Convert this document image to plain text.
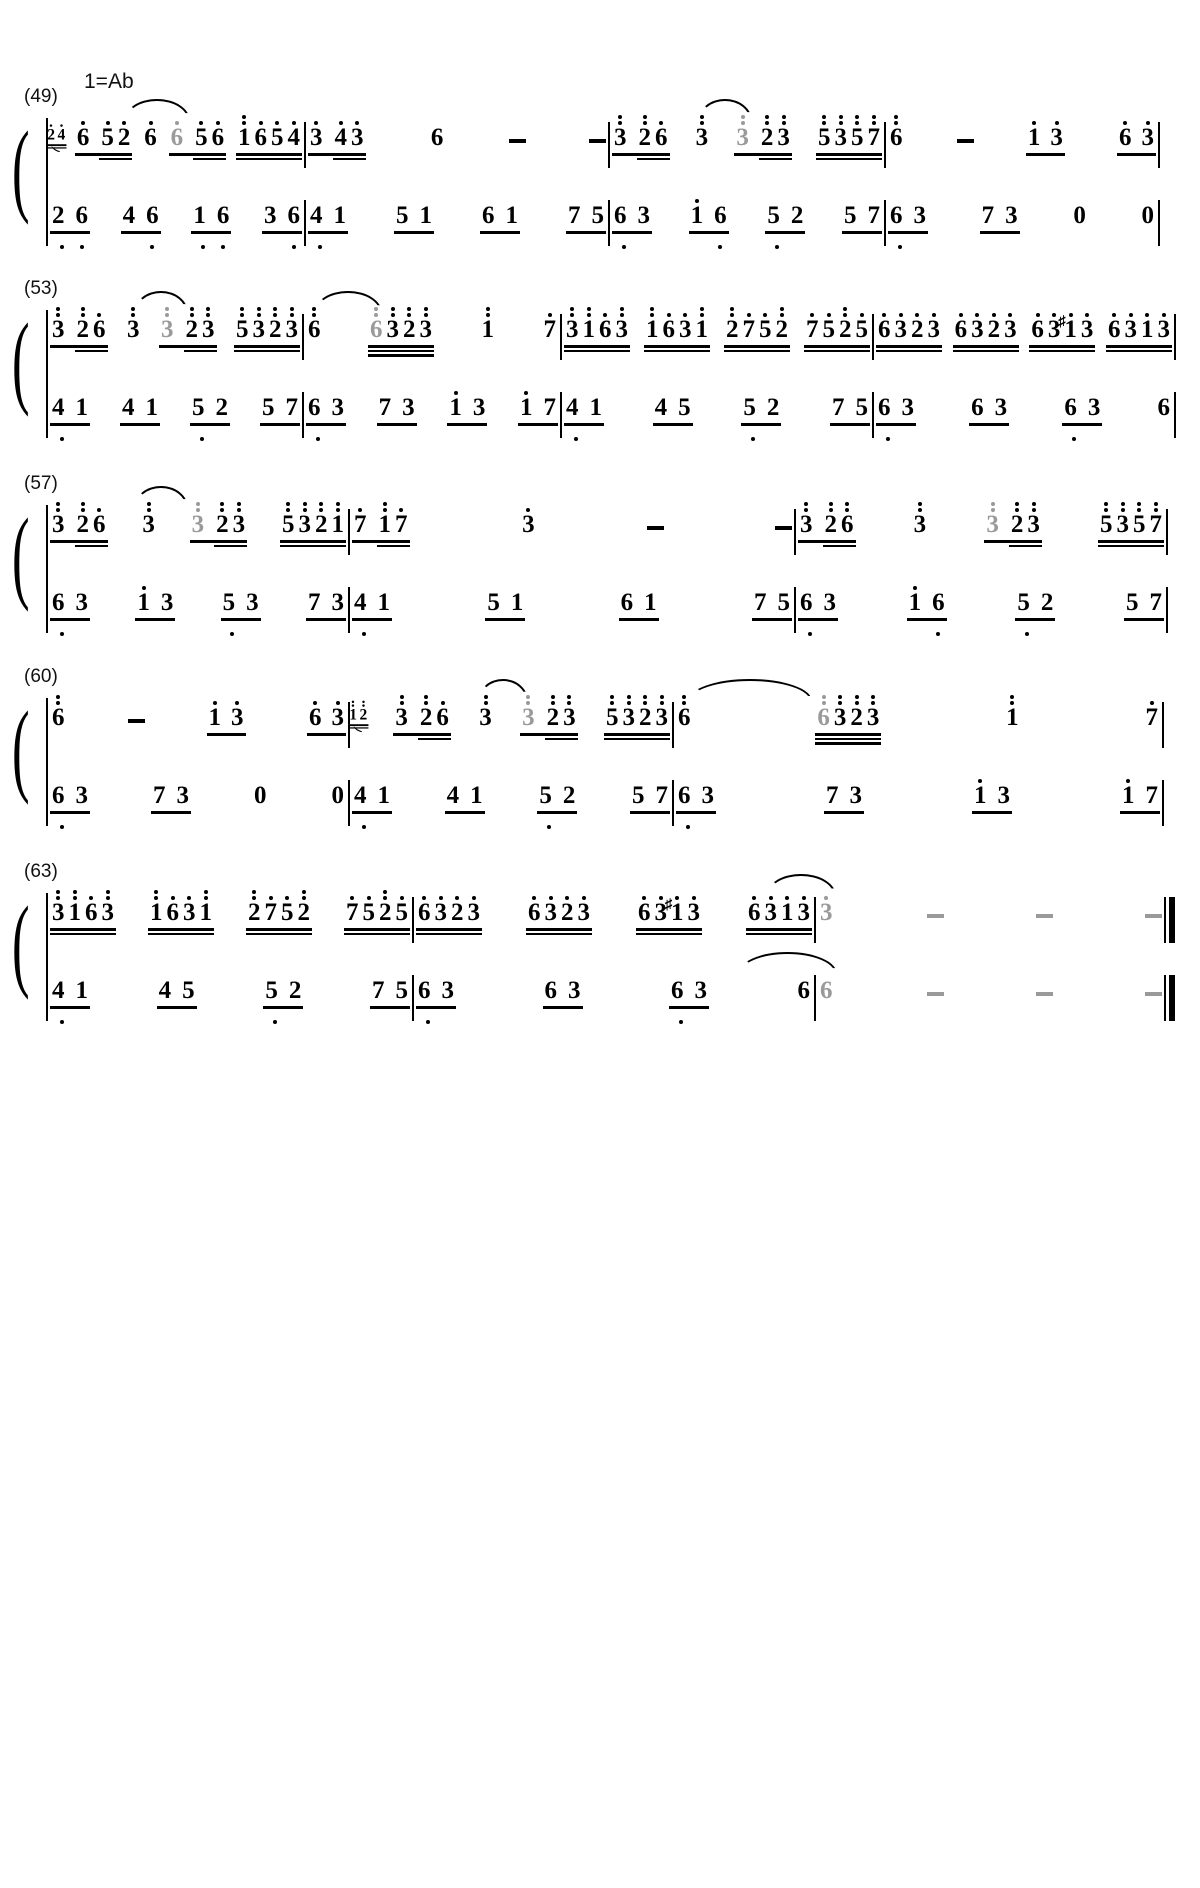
1=Ab
(49)
( 2 4 6 5 2 6 6 5 6 1 6 5 4 3 4 3	6	3 2 6 3 3 2 3 5 3 5 7 6	1 3 6 3
2 6 4 6 1 6 3 6 4 1 5 1 6 1 7 5 6 3 1 6 5 2 5 7 6 3 7 3 0 0
(53)
( 3 2 6 3 3 2 3 5 3 2 3 6 6 3 2 3 1 7 3 1 6 3 1 6 3 1 2 7 5 2 7 5 2 5 6 3 2 3 6 3 2 3 6 3 1
♯ 3 6 3 1 3
4 1 4 1 5 2 5 7 6 3 7 3 1 3 1 7 4 1 4 5 5 2 7 5 6 3 6 3 6 3 6
(57)
( 3 2 6 3 3 2 3 5 3 2 1 7 1 7	3	3 2 6 3 3 2 3 5 3 5 7
6 3 1 3 5 3 7 3 4 1	5 1	6 1	7 5 6 3	1 6	5 2	5 7
(60)
( 6	1 3	6 3 1 2 3 2 6 3 3 2 3 5 3 2 3 6	6 3 2 3	1	7
6 3	7 3	0	0 4 1 4 1 5 2 5 7 6 3	7 3	1 3	1 7
(63)
( 3 1 6 3 1 6 3 1 2 7 5 2 7 5 2 5 6 3 2 3 6 3 2 3 6 3 1
♯ 3 6 3 1 3 3
4 1	4 5	5 2	7 5 6 3	6 3	6 3	6 6
